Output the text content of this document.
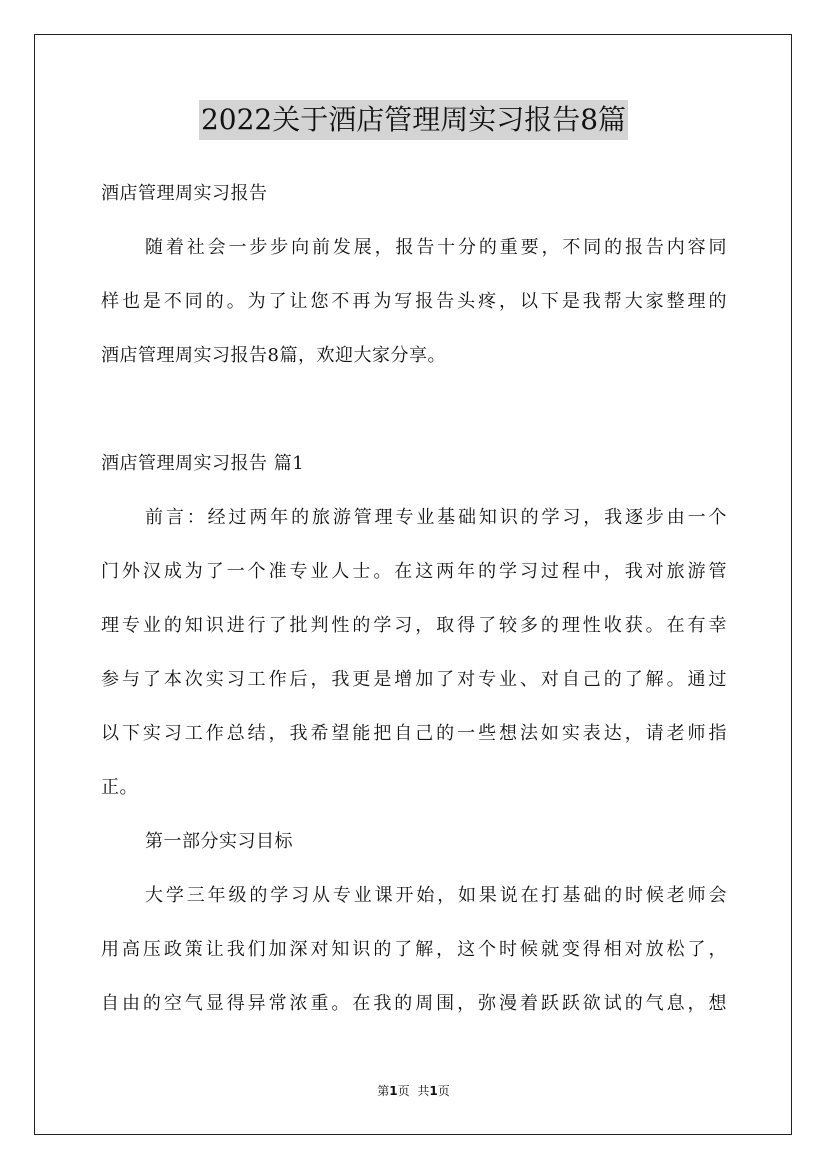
2022关于酒店管理周实习报告8篇
酒店管理周实习报告
随着社会一步步向前发展，报告十分的重要，不同的报告内容同
样也是不同的。为了让您不再为写报告头疼，以下是我帮大家整理的
酒店管理周实习报告8篇，欢迎大家分享。
酒店管理周实习报告 篇1
前言：经过两年的旅游管理专业基础知识的学习，我逐步由一个
门外汉成为了一个准专业人士。在这两年的学习过程中，我对旅游管
理专业的知识进行了批判性的学习，取得了较多的理性收获。在有幸
参与了本次实习工作后，我更是增加了对专业、对自己的了解。通过
以下实习工作总结，我希望能把自己的一些想法如实表达，请老师指
正。
第一部分实习目标
大学三年级的学习从专业课开始，如果说在打基础的时候老师会
用高压政策让我们加深对知识的了解，这个时候就变得相对放松了，
自由的空气显得异常浓重。在我的周围，弥漫着跃跃欲试的气息，想
第1页 共1页
